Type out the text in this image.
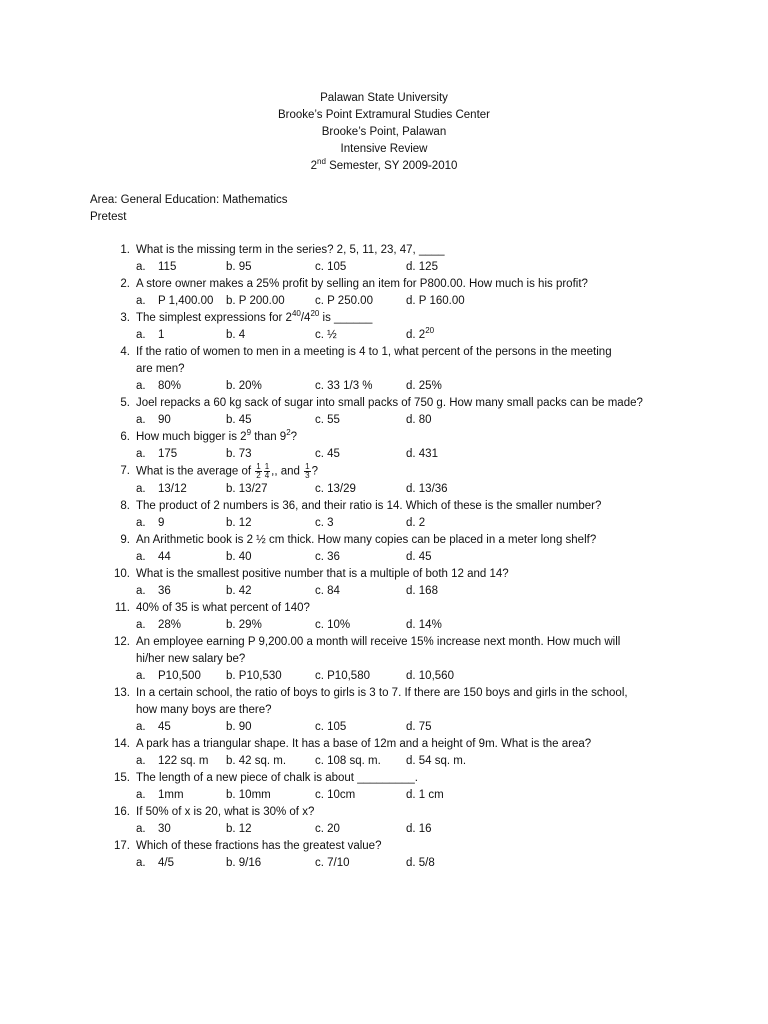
Palawan State University
Brooke’s Point Extramural Studies Center
Brooke’s Point, Palawan
Intensive Review
2nd Semester, SY 2009-2010
Area: General Education: Mathematics
Pretest
1. What is the missing term in the series? 2, 5, 11, 23, 47, ____
a. 115	b. 95	c. 105	d. 125
2. A store owner makes a 25% profit by selling an item for P800.00. How much is his profit?
a. P 1,400.00 b. P 200.00	c. P 250.00	d. P 160.00
3. The simplest expressions for $2^{40}/4^{20}$ is ______
a. 1	b. 4	c. ½	d. $2^{20}$
4. If the ratio of women to men in a meeting is 4 to 1, what percent of the persons in the meeting
are men?
a. 80%	b. 20%	c. 33 1/3 %	d. 25%
5. Joel repacks a 60 kg sack of sugar into small packs of 750 g. How many small packs can be made?
a. 90	b. 45	c. 55	d. 80
6. How much bigger is $2^9$ than $9^2$?
a. 175	b. 73	c. 45	d. 431
7. What is the average of $\frac{1}{2} \frac{1}{4}$ ,, and $\frac{1}{3}$ ?
a. 13/12	b. 13/27	c. 13/29	d. 13/36
8. The product of 2 numbers is 36, and their ratio is 14. Which of these is the smaller number?
a. 9	b. 12	c. 3	d. 2
9. An Arithmetic book is 2 ½ cm thick. How many copies can be placed in a meter long shelf?
a. 44	b. 40	c. 36	d. 45
10. What is the smallest positive number that is a multiple of both 12 and 14?
a. 36	b. 42	c. 84	d. 168
11. 40% of 35 is what percent of 140?
a. 28%	b. 29%	c. 10%	d. 14%
12. An employee earning P 9,200.00 a month will receive 15% increase next month. How much will
hi/her new salary be?
a. P10,500 b. P10,530	c. P10,580	d. 10,560
13. In a certain school, the ratio of boys to girls is 3 to 7. If there are 150 boys and girls in the school,
how many boys are there?
a. 45	b. 90	c. 105	d. 75
14. A park has a triangular shape. It has a base of 12m and a height of 9m. What is the area?
a. 122 sq. m b. 42 sq. m.	c. 108 sq. m. d. 54 sq. m.
15. The length of a new piece of chalk is about _________.
a. 1mm	b. 10mm	c. 10cm	d. 1 cm
16. If 50% of x is 20, what is 30% of x?
a. 30	b. 12	c. 20	d. 16
17. Which of these fractions has the greatest value?
a. 4/5	b. 9/16	c. 7/10	d. 5/8
